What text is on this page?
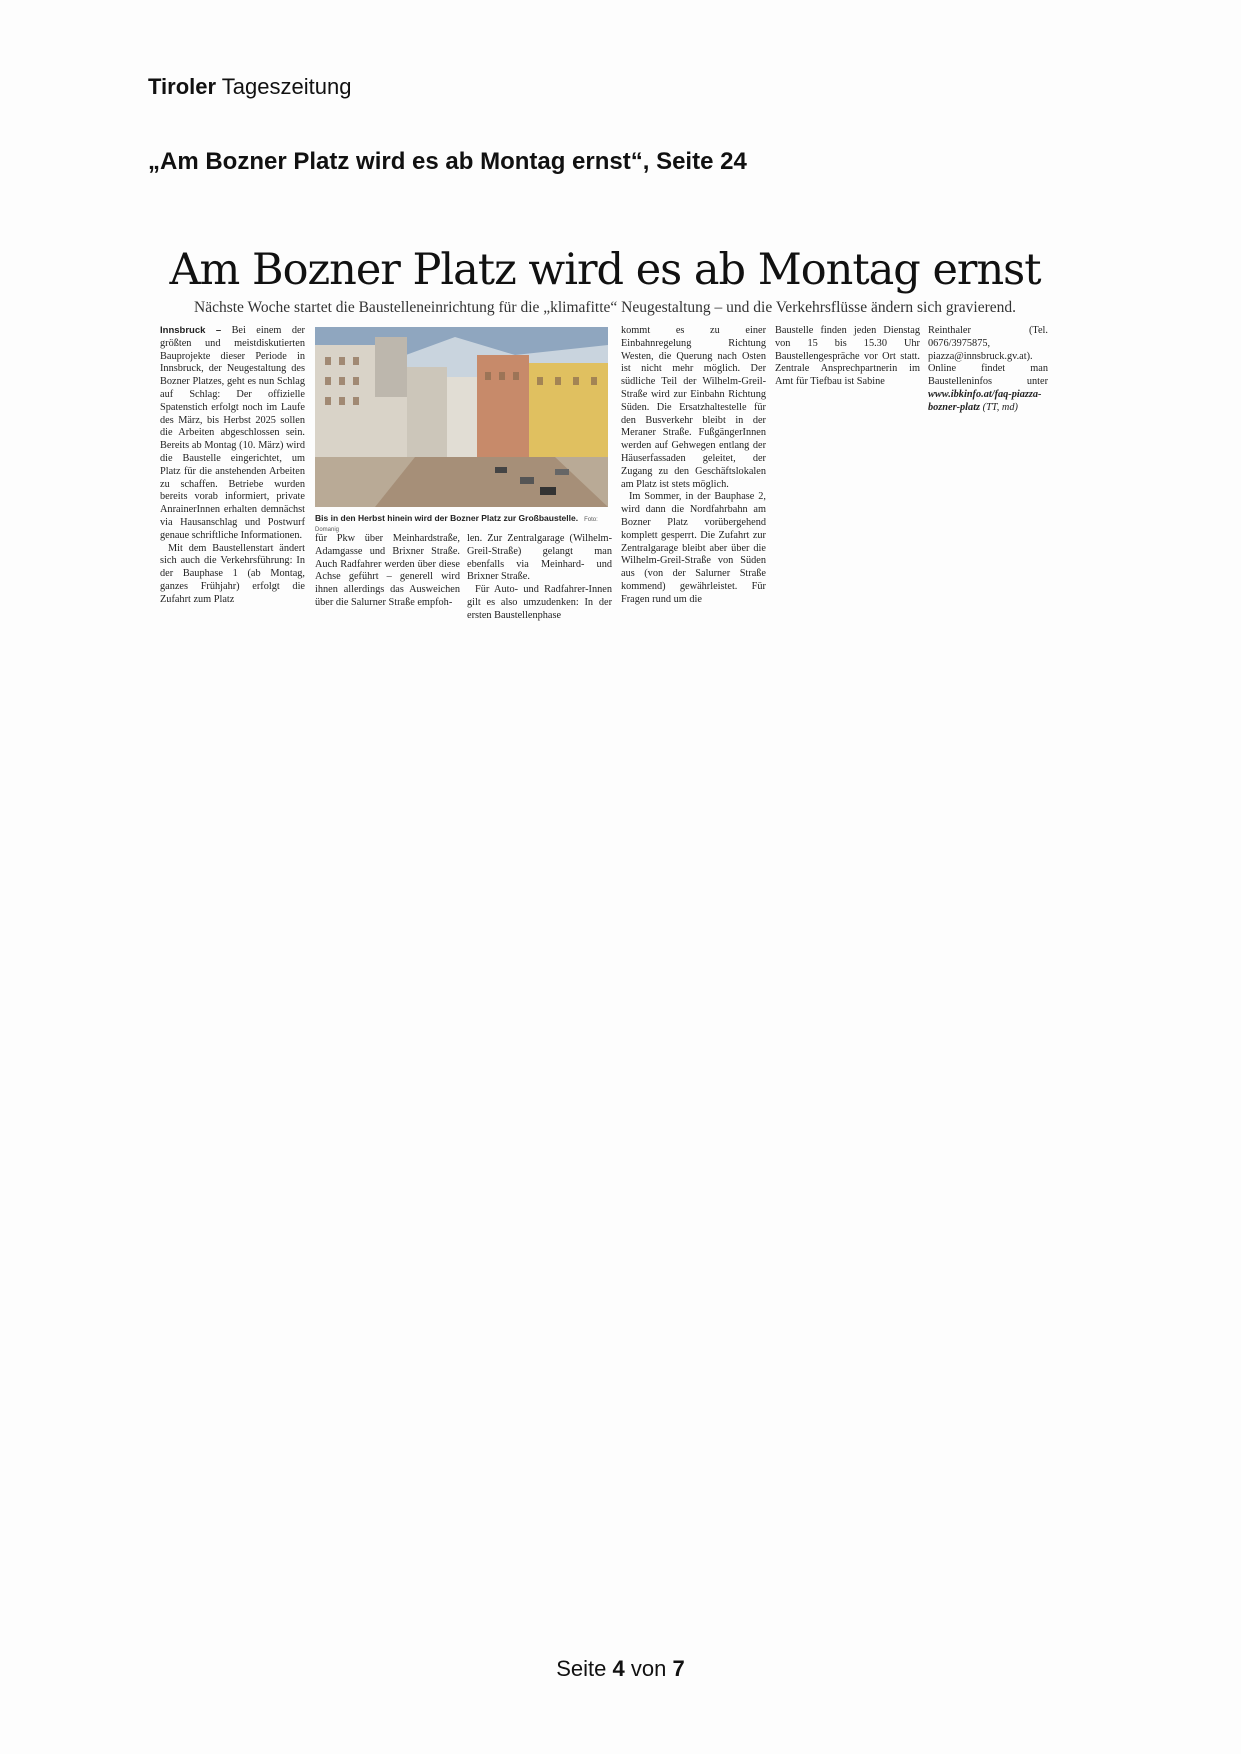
Tiroler Tageszeitung
„Am Bozner Platz wird es ab Montag ernst“, Seite 24
Am Bozner Platz wird es ab Montag ernst

Nächste Woche startet die Baustelleneinrichtung für die „klimafitte“ Neugestaltung – und die Verkehrsflüsse ändern sich gravierend.

Innsbruck – Bei einem der größten und meistdiskutierten Bauprojekte dieser Periode in Innsbruck, der Neugestaltung des Bozner Platzes, geht es nun Schlag auf Schlag: Der offizielle Spatenstich erfolgt noch im Laufe des März, bis Herbst 2025 sollen die Arbeiten abgeschlossen sein. Bereits ab Montag (10. März) wird die Baustelle eingerichtet, um Platz für die anstehenden Arbeiten zu schaffen. Betriebe wurden bereits vorab informiert, private AnrainerInnen erhalten demnächst via Hausanschlag und Postwurf genaue schriftliche Informationen.

Mit dem Baustellenstart ändert sich auch die Verkehrsführung: In der Bauphase 1 (ab Montag, ganzes Frühjahr) erfolgt die Zufahrt zum Platz

Bis in den Herbst hinein wird der Bozner Platz zur Großbaustelle. Foto: Domanig

für Pkw über Meinhardstraße, Adamgasse und Brixner Straße. Auch Radfahrer werden über diese Achse geführt – generell wird ihnen allerdings das Ausweichen über die Salurner Straße empfoh-

len. Zur Zentralgarage (Wilhelm-Greil-Straße) gelangt man ebenfalls via Meinhard- und Brixner Straße.

Für Auto- und Radfahrer-Innen gilt es also umzudenken: In der ersten Baustellenphase

kommt es zu einer Einbahnregelung Richtung Westen, die Querung nach Osten ist nicht mehr möglich. Der südliche Teil der Wilhelm-Greil-Straße wird zur Einbahn Richtung Süden. Die Ersatzhaltestelle für den Busverkehr bleibt in der Meraner Straße. FußgängerInnen werden auf Gehwegen entlang der Häuserfassaden geleitet, der Zugang zu den Geschäftslokalen am Platz ist stets möglich.

Im Sommer, in der Bauphase 2, wird dann die Nordfahrbahn am Bozner Platz vorübergehend komplett gesperrt. Die Zufahrt zur Zentralgarage bleibt aber über die Wilhelm-Greil-Straße von Süden aus (von der Salurner Straße kommend) gewährleistet. Für Fragen rund um die

Baustelle finden jeden Dienstag von 15 bis 15.30 Uhr Baustellengespräche vor Ort statt. Zentrale Ansprechpartnerin im Amt für Tiefbau ist Sabine

Reinthaler (Tel. 0676/3975875, piazza@innsbruck.gv.at). Online findet man Baustelleninfos unter www.ibkinfo.at/faq-piazza-bozner-platz (TT, md)

Seite 4 von 7
